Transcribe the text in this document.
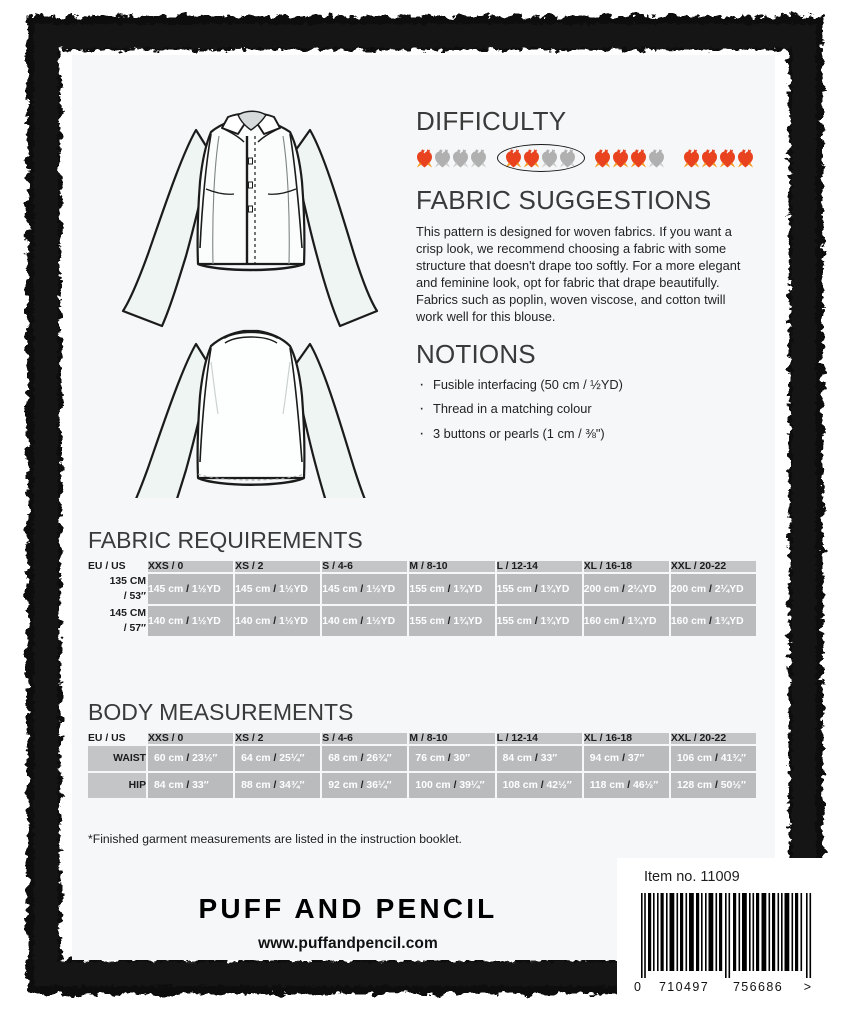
DIFFICULTY
FABRIC SUGGESTIONS

This pattern is designed for woven fabrics. If you want a crisp look, we recommend choosing a fabric with some structure that doesn't drape too softly. For a more elegant and feminine look, opt for fabric that drape beautifully. Fabrics such as poplin, woven viscose, and cotton twill work well for this blouse.

NOTIONS
· Fusible interfacing (50 cm / ½YD)
· Thread in a matching colour
· 3 buttons or pearls (1 cm / ⅜")
FABRIC REQUIREMENTS
EU / US	XXS / 0	XS / 2	S / 4-6	M / 8-10	L / 12-14	XL / 16-18	XXL / 20-22
135 CM
/ 53″	145 cm / 1½YD	145 cm / 1½YD	145 cm / 1½YD	155 cm / 1¾YD	155 cm / 1¾YD	200 cm / 2¼YD	200 cm / 2¼YD
145 CM
/ 57″	140 cm / 1½YD	140 cm / 1½YD	140 cm / 1½YD	155 cm / 1¾YD	155 cm / 1¾YD	160 cm / 1¾YD	160 cm / 1¾YD
BODY MEASUREMENTS
EU / US	XXS / 0	XS / 2	S / 4-6	M / 8-10	L / 12-14	XL / 16-18	XXL / 20-22
WAIST	60 cm / 23½″	64 cm / 25¼″	68 cm / 26¾″	76 cm / 30″	84 cm / 33″	94 cm / 37″	106 cm / 41¾″
HIP	84 cm / 33″	88 cm / 34¾″	92 cm / 36¼″	100 cm / 39¼″	108 cm / 42½″	118 cm / 46½″	128 cm / 50½″
*Finished garment measurements are listed in the instruction booklet.
PUFF AND PENCIL
www.puffandpencil.com
Item no. 11009
0	710497	756686	>
